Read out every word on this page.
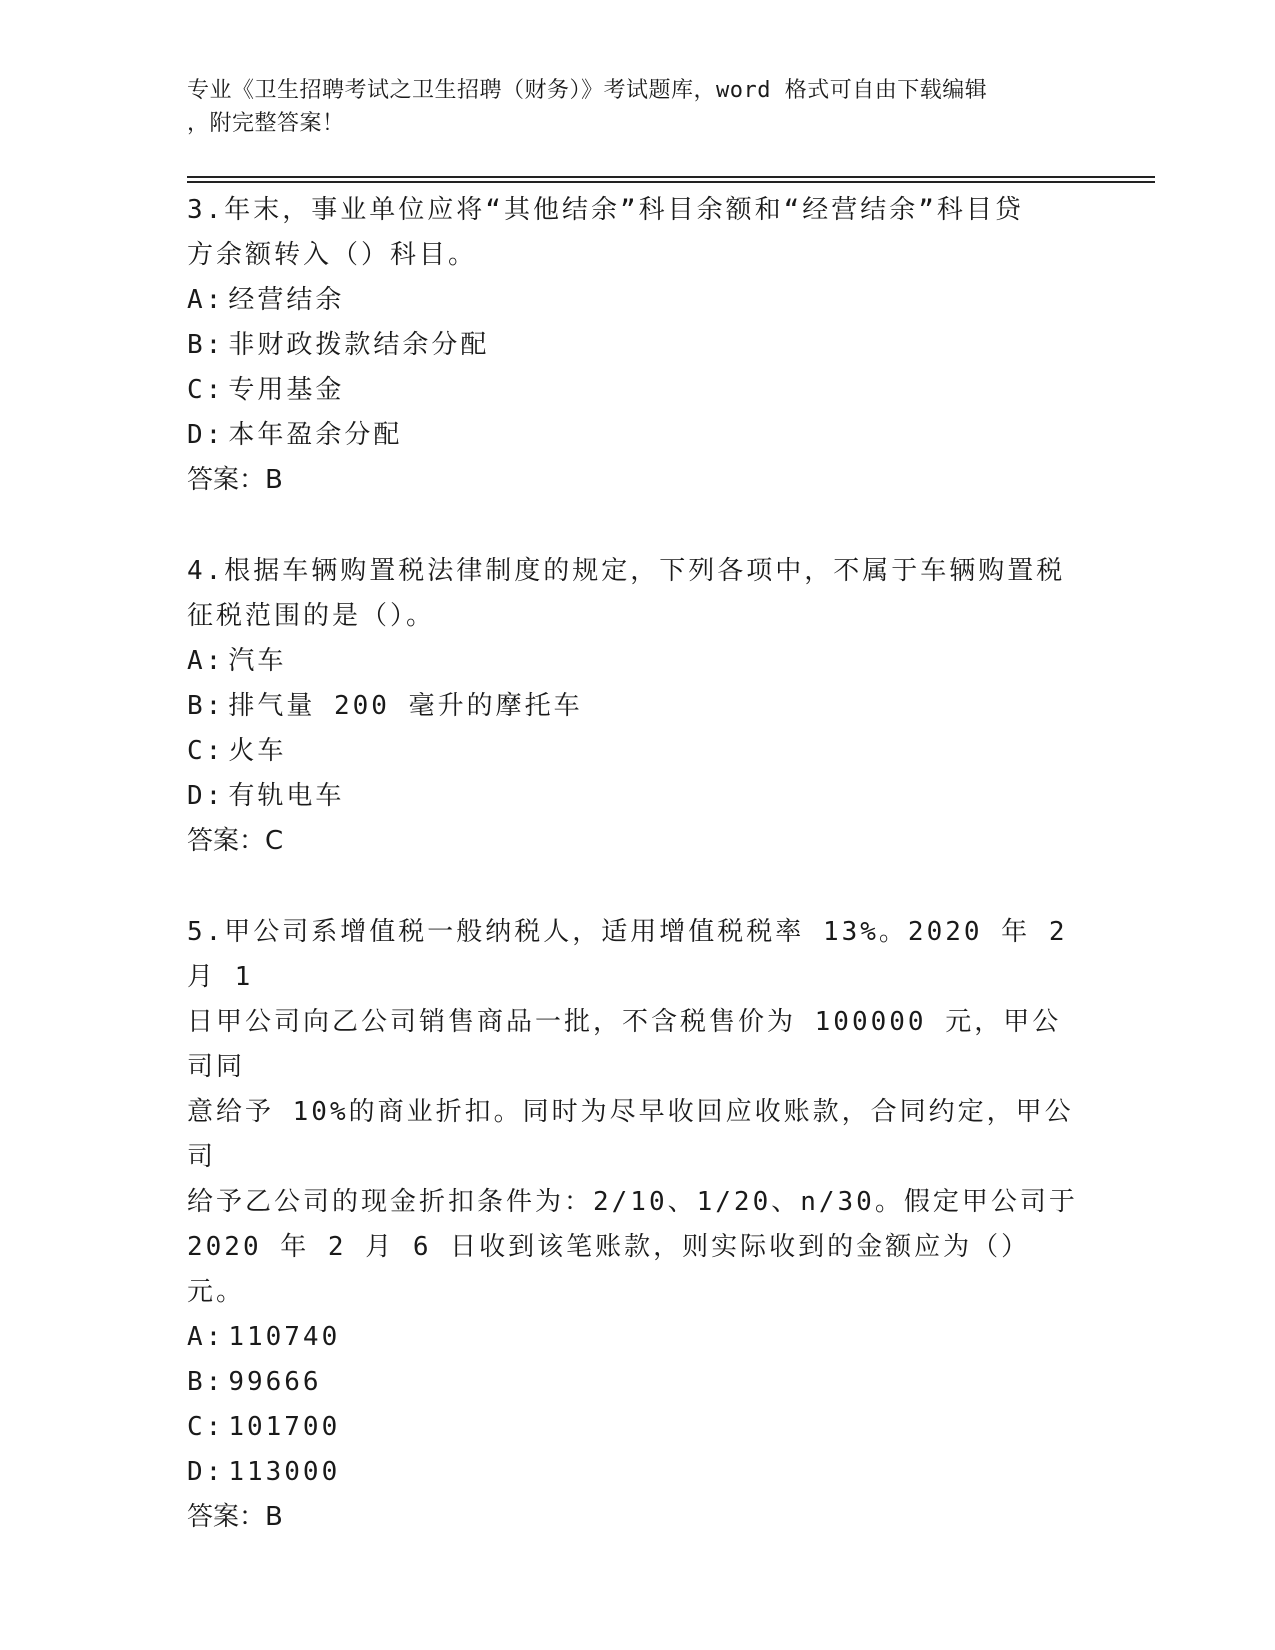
专业《卫生招聘考试之卫生招聘（财务）》考试题库，word 格式可自由下载编辑
，附完整答案！

3.年末，事业单位应将“其他结余”科目余额和“经营结余”科目贷

方余额转入（）科目。

A: 经营结余

B: 非财政拨款结余分配

C: 专用基金

D: 本年盈余分配

答案：B

4.根据车辆购置税法律制度的规定，下列各项中，不属于车辆购置税

征税范围的是（）。

A: 汽车

B: 排气量 200 毫升的摩托车

C: 火车

D: 有轨电车

答案：C

5.甲公司系增值税一般纳税人，适用增值税税率 13%。2020 年 2 月 1

日甲公司向乙公司销售商品一批，不含税售价为 100000 元，甲公司同

意给予 10%的商业折扣。同时为尽早收回应收账款，合同约定，甲公司

给予乙公司的现金折扣条件为：2/10、1/20、n/30。假定甲公司于

2020 年 2 月 6 日收到该笔账款，则实际收到的金额应为（）元。

A: 110740

B: 99666

C: 101700

D: 113000

答案：B
